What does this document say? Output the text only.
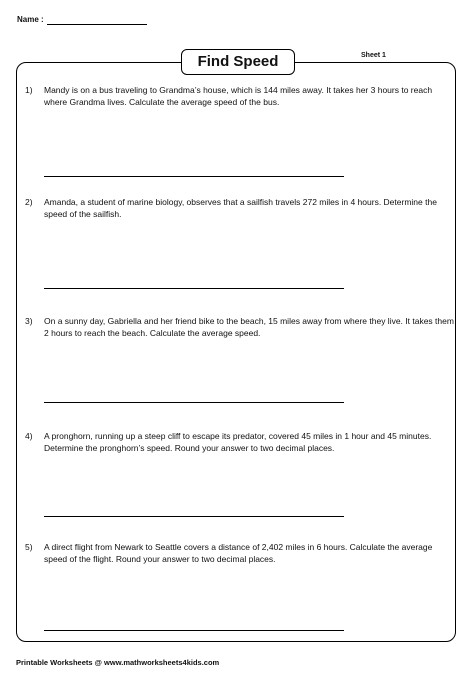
Name :
Find Speed	Sheet 1
1)	Mandy is on a bus traveling to Grandma’s house, which is 144 miles away. It takes her 3 hours to reach where Grandma lives. Calculate the average speed of the bus.
2)	Amanda, a student of marine biology, observes that a sailfish travels 272 miles in 4 hours. Determine the speed of the sailfish.
3)	On a sunny day, Gabriella and her friend bike to the beach, 15 miles away from where they live. It takes them 2 hours to reach the beach. Calculate the average speed.
4)	A pronghorn, running up a steep cliff to escape its predator, covered 45 miles in 1 hour and 45 minutes. Determine the pronghorn’s speed. Round your answer to two decimal places.
5)	A direct flight from Newark to Seattle covers a distance of 2,402 miles in 6 hours. Calculate the average speed of the flight. Round your answer to two decimal places.
Printable Worksheets @ www.mathworksheets4kids.com
